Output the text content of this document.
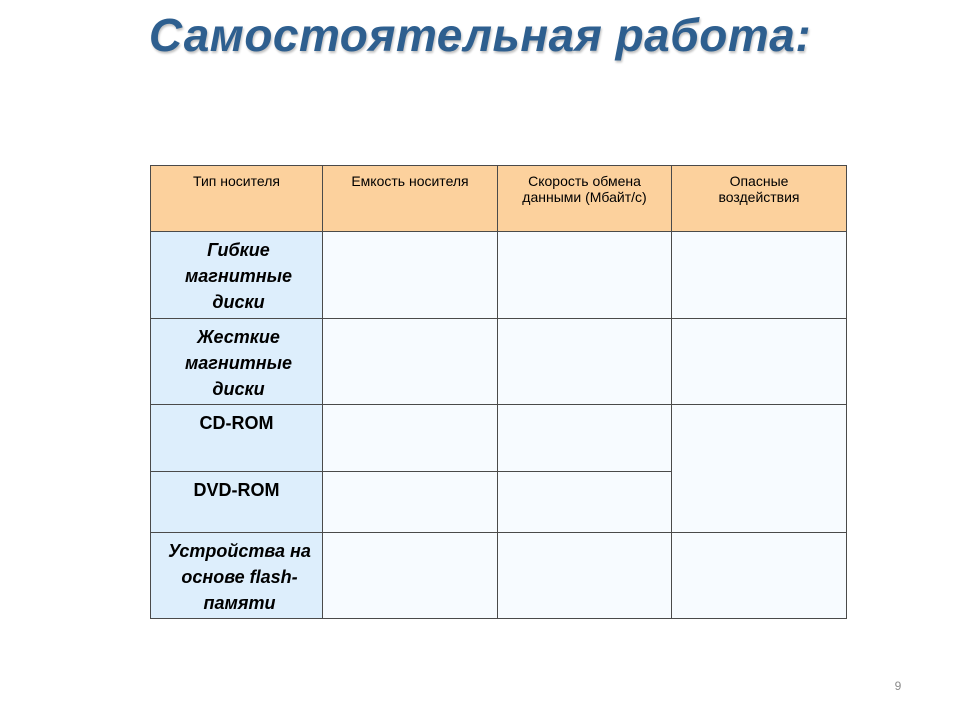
Самостоятельная работа:
Тип носителя	Емкость носителя	Скорость обмена данными (Мбайт/с)	Опасные воздействия
Гибкие магнитные диски			
Жесткие магнитные диски			
CD-ROM			
DVD-ROM			
Устройства на основе flash-памяти			
9
